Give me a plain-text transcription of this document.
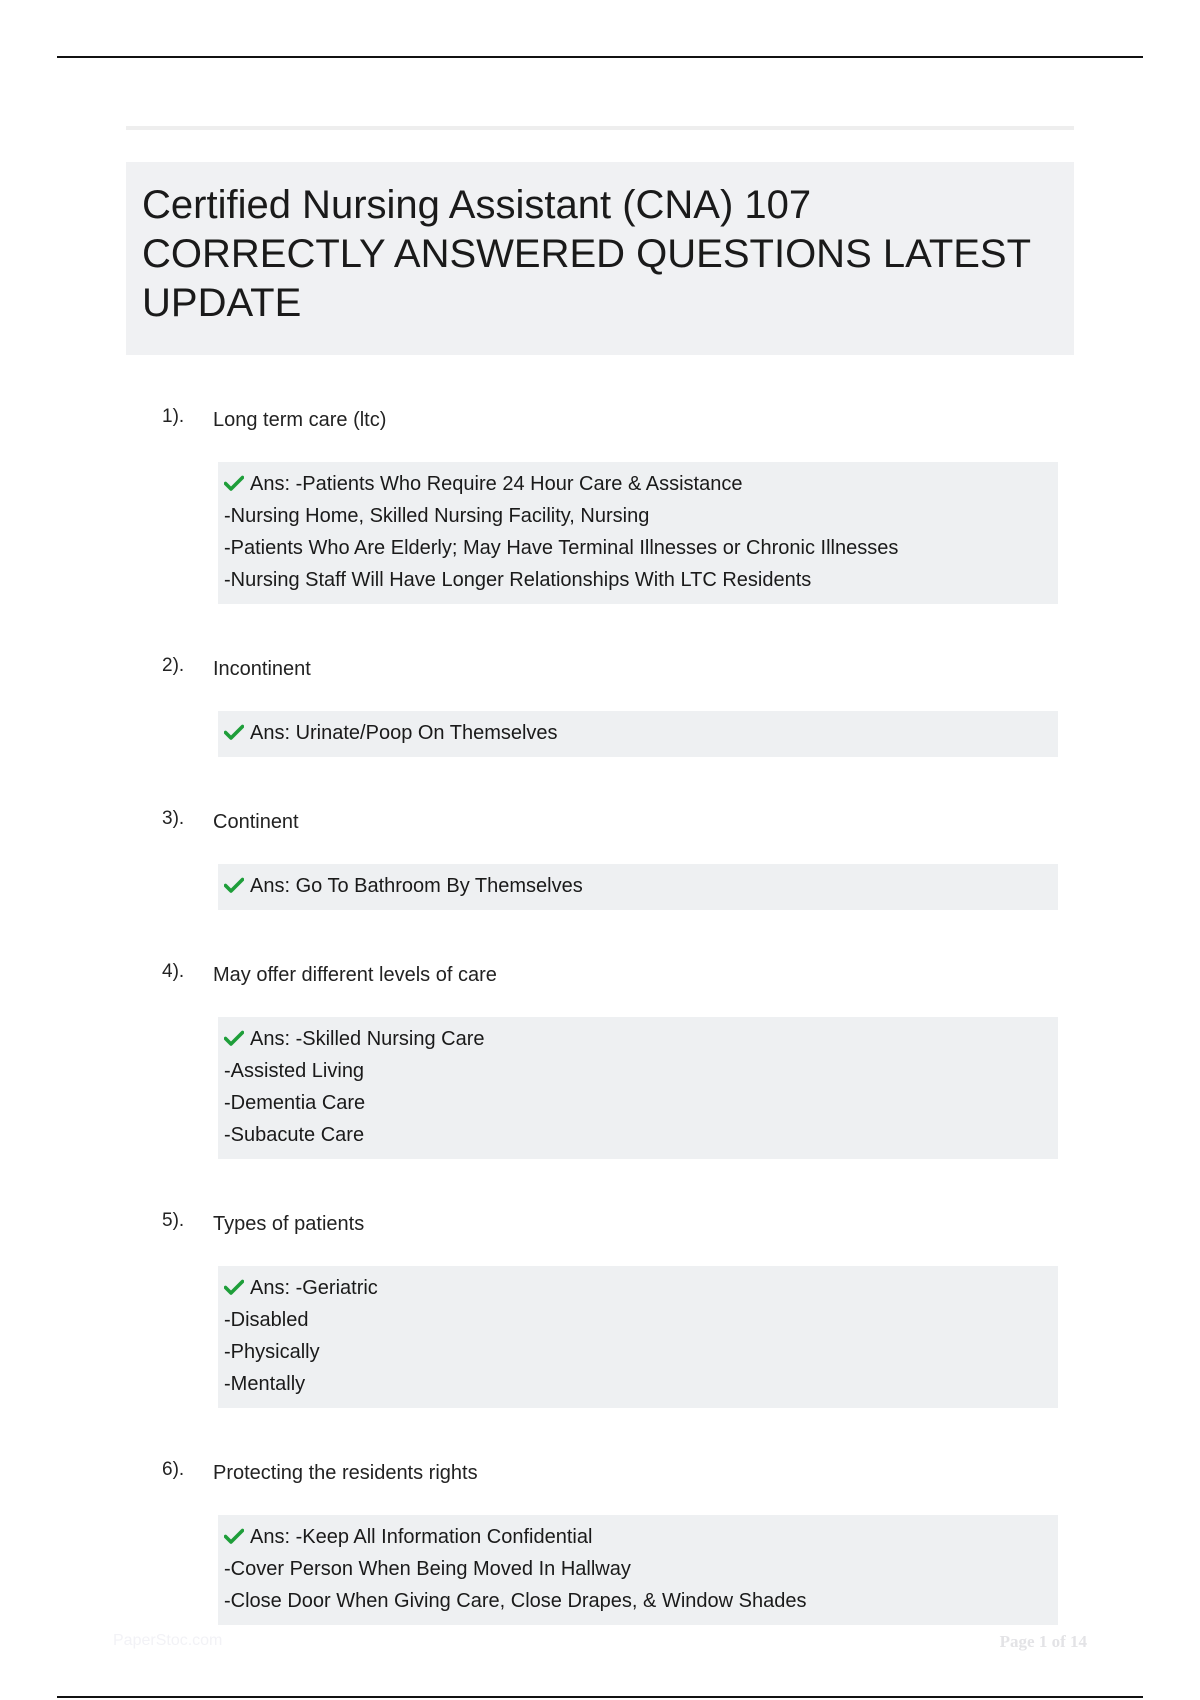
Certified Nursing Assistant (CNA) 107 CORRECTLY ANSWERED QUESTIONS LATEST UPDATE
1). Long term care (ltc)
Ans: -Patients Who Require 24 Hour Care & Assistance
-Nursing Home, Skilled Nursing Facility, Nursing
-Patients Who Are Elderly; May Have Terminal Illnesses or Chronic Illnesses
-Nursing Staff Will Have Longer Relationships With LTC Residents
2). Incontinent
Ans: Urinate/Poop On Themselves
3). Continent
Ans: Go To Bathroom By Themselves
4). May offer different levels of care
Ans: -Skilled Nursing Care
-Assisted Living
-Dementia Care
-Subacute Care
5). Types of patients
Ans: -Geriatric
-Disabled
-Physically
-Mentally
6). Protecting the residents rights
Ans: -Keep All Information Confidential
-Cover Person When Being Moved In Hallway
-Close Door When Giving Care, Close Drapes, & Window Shades
PaperStoc.com	Page 1 of 14
